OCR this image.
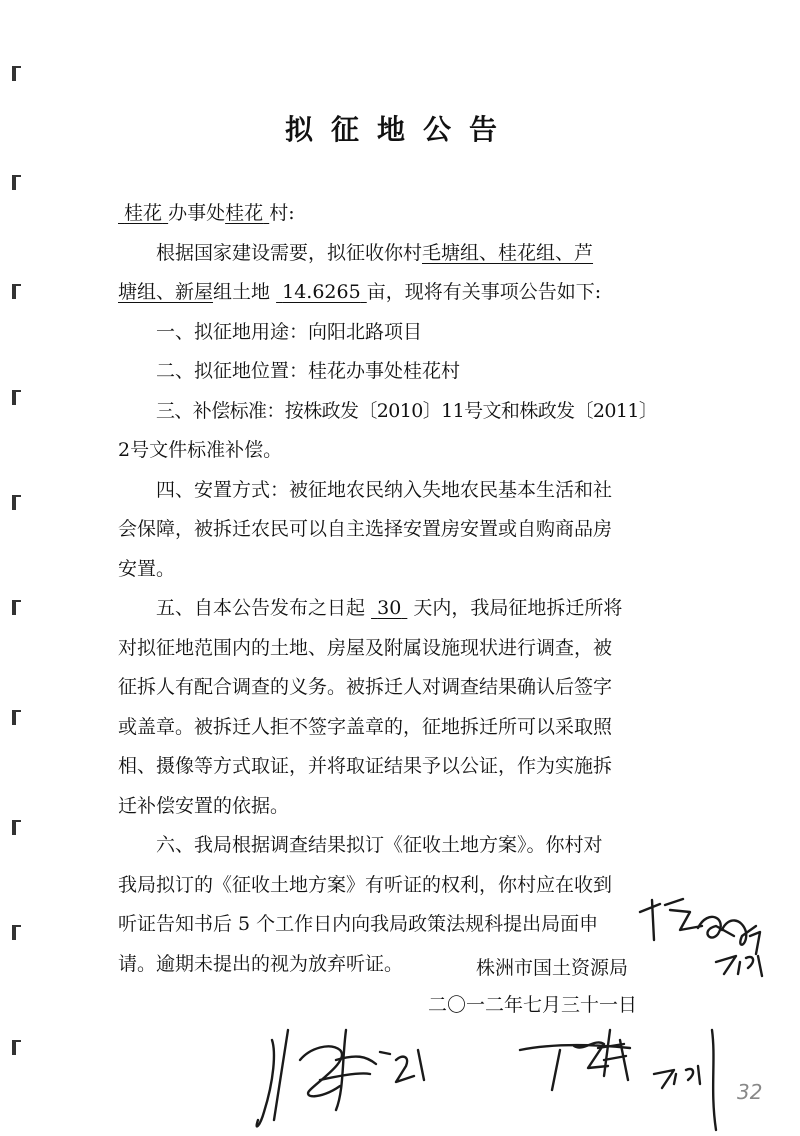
拟征地公告
桂花 办事处桂花 村:
根据国家建设需要，拟征收你村毛塘组、桂花组、芦
塘组、新屋组土地 14.6265 亩，现将有关事项公告如下:
一、拟征地用途：向阳北路项目
二、拟征地位置：桂花办事处桂花村
三、补偿标准：按株政发〔2010〕11号文和株政发〔2011〕
2号文件标准补偿。
四、安置方式：被征地农民纳入失地农民基本生活和社
会保障，被拆迁农民可以自主选择安置房安置或自购商品房
安置。
五、自本公告发布之日起 30 天内，我局征地拆迁所将
对拟征地范围内的土地、房屋及附属设施现状进行调查，被
征拆人有配合调查的义务。被拆迁人对调查结果确认后签字
或盖章。被拆迁人拒不签字盖章的，征地拆迁所可以采取照
相、摄像等方式取证，并将取证结果予以公证，作为实施拆
迁补偿安置的依据。
六、我局根据调查结果拟订《征收土地方案》。你村对
我局拟订的《征收土地方案》有听证的权利，你村应在收到
听证告知书后 5 个工作日内向我局政策法规科提出局面申
请。逾期未提出的视为放弃听证。	株洲市国土资源局
二〇一二年七月三十一日
32
